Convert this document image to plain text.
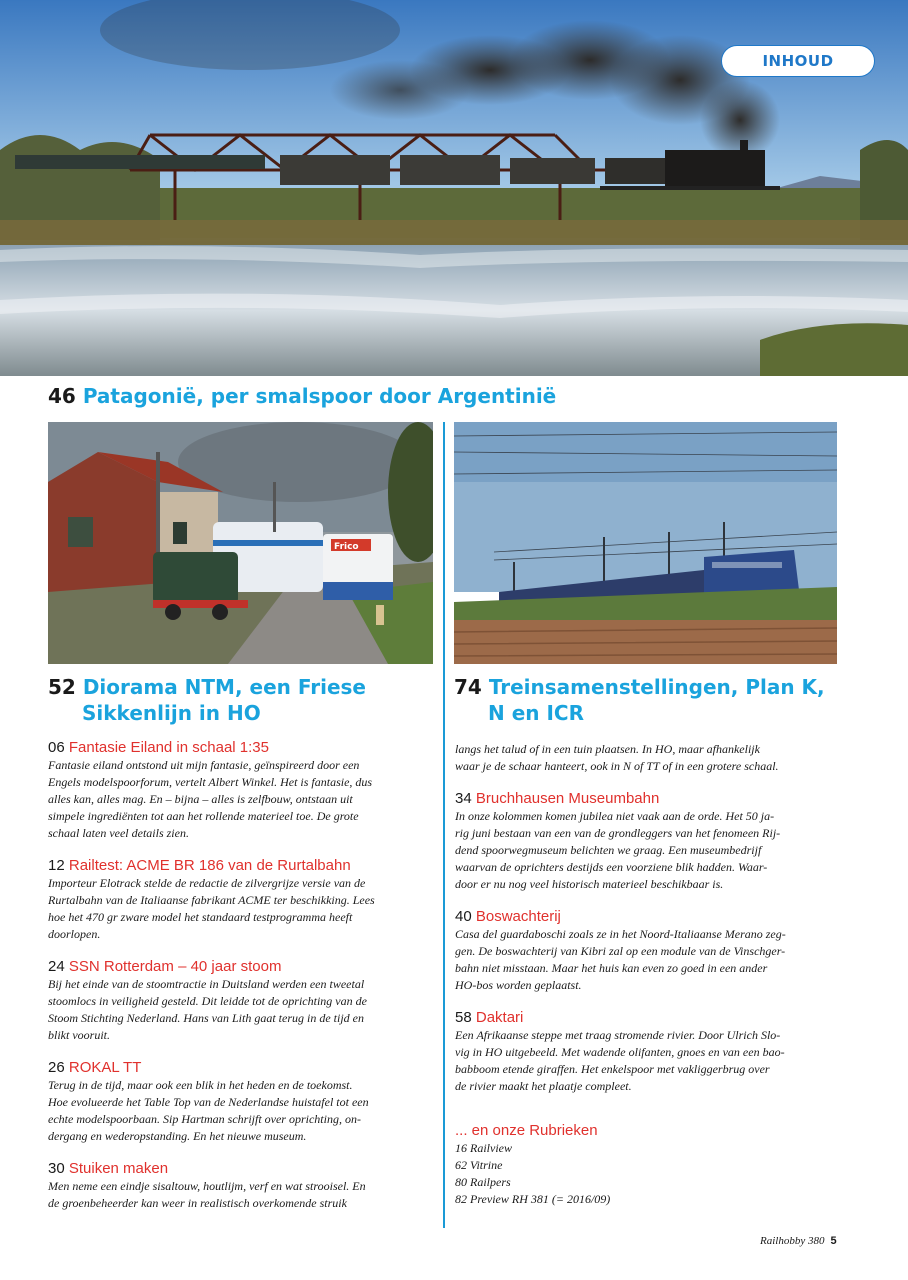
INHOUD
46 Patagonië, per smalspoor door Argentinië
Frico
52 Diorama NTM, een Friese
Sikkenlijn in HO
74 Treinsamenstellingen, Plan K,
N en ICR
06 Fantasie Eiland in schaal 1:35
Fantasie eiland ontstond uit mijn fantasie, geïnspireerd door een
Engels modelspoorforum, vertelt Albert Winkel. Het is fantasie, dus
alles kan, alles mag. En – bijna – alles is zelfbouw, ontstaan uit
simpele ingrediënten tot aan het rollende materieel toe. De grote
schaal laten veel details zien.
12 Railtest: ACME BR 186 van de Rurtalbahn
Importeur Elotrack stelde de redactie de zilvergrijze versie van de
Rurtalbahn van de Italiaanse fabrikant ACME ter beschikking. Lees
hoe het 470 gr zware model het standaard testprogramma heeft
doorlopen.
24 SSN Rotterdam – 40 jaar stoom
Bij het einde van de stoomtractie in Duitsland werden een tweetal
stoomlocs in veiligheid gesteld. Dit leidde tot de oprichting van de
Stoom Stichting Nederland. Hans van Lith gaat terug in de tijd en
blikt vooruit.
26 ROKAL TT
Terug in de tijd, maar ook een blik in het heden en de toekomst.
Hoe evolueerde het Table Top van de Nederlandse huistafel tot een
echte modelspoorbaan. Sip Hartman schrijft over oprichting, on-
dergang en wederopstanding. En het nieuwe museum.
30 Stuiken maken
Men neme een eindje sisaltouw, houtlijm, verf en wat strooisel. En
de groenbeheerder kan weer in realistisch overkomende struik
langs het talud of in een tuin plaatsen. In HO, maar afhankelijk
waar je de schaar hanteert, ook in N of TT of in een grotere schaal.
34 Bruchhausen Museumbahn
In onze kolommen komen jubilea niet vaak aan de orde. Het 50 ja-
rig juni bestaan van een van de grondleggers van het fenomeen Rij-
dend spoorwegmuseum belichten we graag. Een museumbedrijf
waarvan de oprichters destijds een voorziene blik hadden. Waar-
door er nu nog veel historisch materieel beschikbaar is.
40 Boswachterij
Casa del guardaboschi zoals ze in het Noord-Italiaanse Merano zeg-
gen. De boswachterij van Kibri zal op een module van de Vinschger-
bahn niet misstaan. Maar het huis kan even zo goed in een ander
HO-bos worden geplaatst.
58 Daktari
Een Afrikaanse steppe met traag stromende rivier. Door Ulrich Slo-
vig in HO uitgebeeld. Met wadende olifanten, gnoes en van een bao-
babboom etende giraffen. Het enkelspoor met vakliggerbrug over
de rivier maakt het plaatje compleet.
... en onze Rubrieken
16 Railview
62 Vitrine
80 Railpers
82 Preview RH 381 (= 2016/09)
Railhobby 380 5
